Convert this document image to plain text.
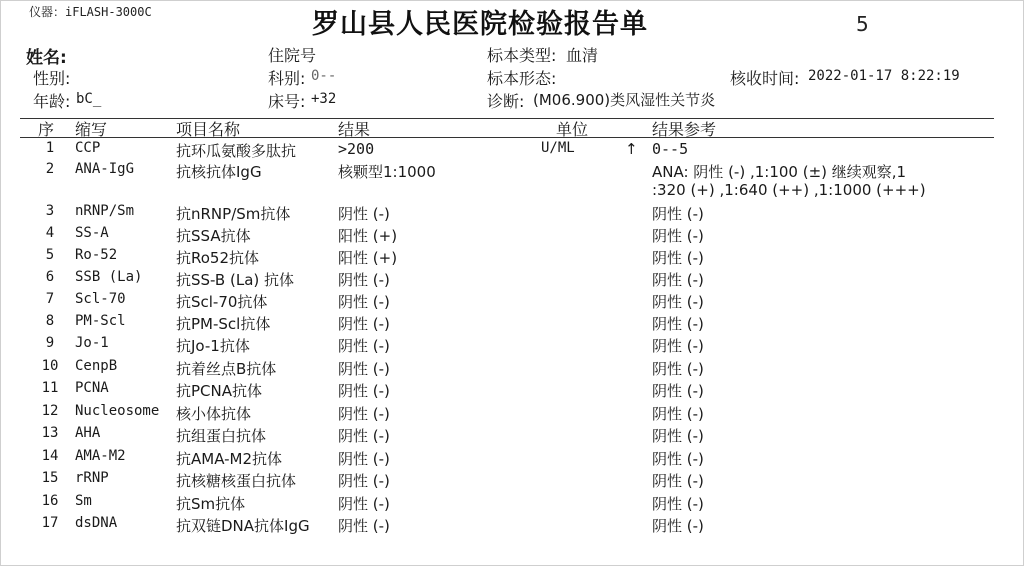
仪器：iFLASH-3000C	罗山县人民医院检验报告单	5
姓名:
性别:
年龄: bC_
住院号
科别: 0--
床号: +32
标本类型: 血清
标本形态:
诊断: (M06.900)类风湿性关节炎
核收时间: 2022-01-17 8:22:19
序 缩写	项目名称	结果	单位	结果参考
1	CCP	抗环瓜氨酸多肽抗	>200	U/ML	↑ 0--5
2	ANA-IgG	抗核抗体IgG	核颗型1:1000	ANA: 阴性 (-) ,1:100 (±) 继续观察,1
:320 (+) ,1:640 (++) ,1:1000 (+++)
3	nRNP/Sm	抗nRNP/Sm抗体	阴性 (-)	阴性 (-)
4	SS-A	抗SSA抗体	阳性 (+)	阴性 (-)
5	Ro-52	抗Ro52抗体	阳性 (+)	阴性 (-)
6	SSB (La) 抗SS-B (La) 抗体	阴性 (-)	阴性 (-)
7	Scl-70	抗Scl-70抗体	阴性 (-)	阴性 (-)
8	PM-Scl	抗PM-Scl抗体	阴性 (-)	阴性 (-)
9	Jo-1	抗Jo-1抗体	阴性 (-)	阴性 (-)
10 CenpB	抗着丝点B抗体	阴性 (-)	阴性 (-)
11 PCNA	抗PCNA抗体	阴性 (-)	阴性 (-)
12 Nucleosome 核小体抗体	阴性 (-)	阴性 (-)
13 AHA	抗组蛋白抗体	阴性 (-)	阴性 (-)
14 AMA-M2	抗AMA-M2抗体	阴性 (-)	阴性 (-)
15 rRNP	抗核糖核蛋白抗体	阴性 (-)	阴性 (-)
16 Sm	抗Sm抗体	阴性 (-)	阴性 (-)
17 dsDNA	抗双链DNA抗体IgG 阴性 (-)	阴性 (-)
